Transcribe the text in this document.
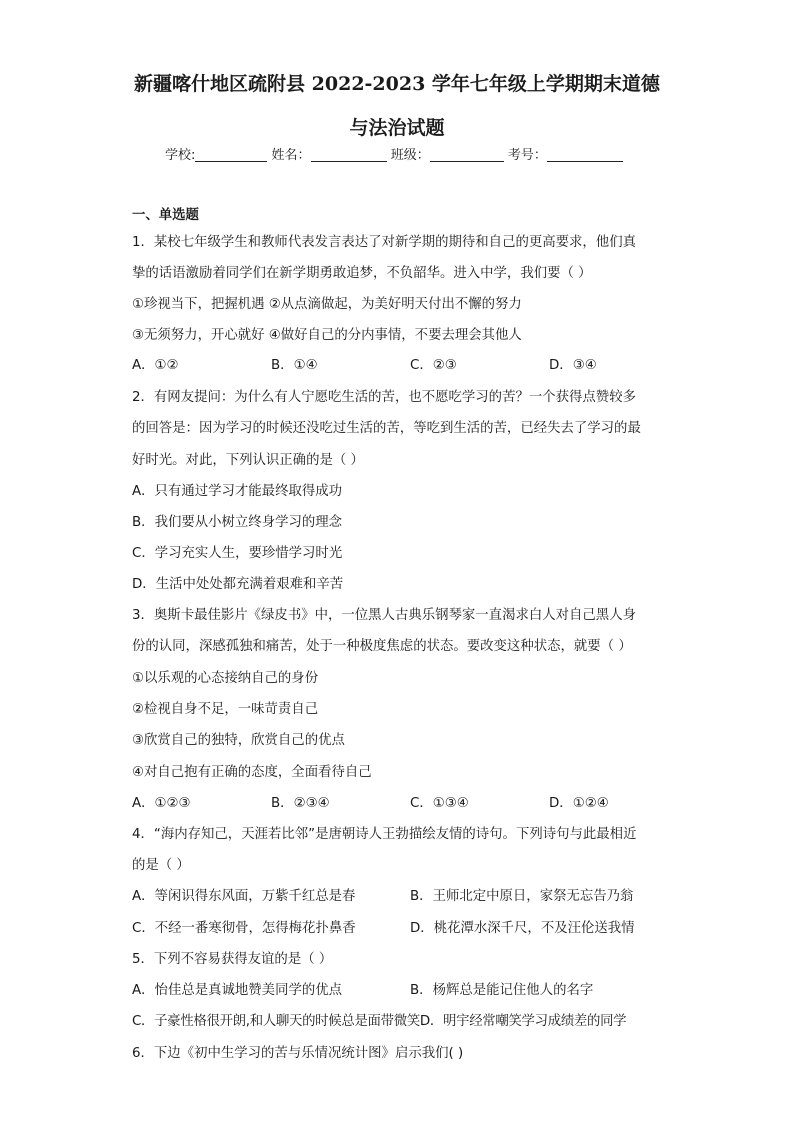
新疆喀什地区疏附县 2022-2023 学年七年级上学期期末道德
与法治试题
学校:	姓名：	班级：	考号：
一、单选题
1．某校七年级学生和教师代表发言表达了对新学期的期待和自己的更高要求，他们真
挚的话语激励着同学们在新学期勇敢追梦，不负韶华。进入中学，我们要（ ）
①珍视当下，把握机遇 ②从点滴做起，为美好明天付出不懈的努力
③无须努力，开心就好 ④做好自己的分内事情，不要去理会其他人
A．①②	B．①④	C．②③	D．③④
2．有网友提问：为什么有人宁愿吃生活的苦，也不愿吃学习的苦？一个获得点赞较多
的回答是：因为学习的时候还没吃过生活的苦，等吃到生活的苦，已经失去了学习的最
好时光。对此，下列认识正确的是（ ）
A．只有通过学习才能最终取得成功
B．我们要从小树立终身学习的理念
C．学习充实人生，要珍惜学习时光
D．生活中处处都充满着艰难和辛苦
3．奥斯卡最佳影片《绿皮书》中，一位黑人古典乐钢琴家一直渴求白人对自己黑人身
份的认同，深感孤独和痛苦，处于一种极度焦虑的状态。要改变这种状态，就要（ ）
①以乐观的心态接纳自己的身份
②检视自身不足，一味苛责自己
③欣赏自己的独特，欣赏自己的优点
④对自己抱有正确的态度，全面看待自己
A．①②③	B．②③④	C．①③④	D．①②④
4．“海内存知己，天涯若比邻”是唐朝诗人王勃描绘友情的诗句。下列诗句与此最相近
的是（ ）
A．等闲识得东风面，万紫千红总是春	B．王师北定中原日，家祭无忘告乃翁
C．不经一番寒彻骨，怎得梅花扑鼻香	D．桃花潭水深千尺，不及汪伦送我情
5．下列不容易获得友谊的是（ ）
A．怡佳总是真诚地赞美同学的优点	B．杨辉总是能记住他人的名字
C．子豪性格很开朗,和人聊天的时候总是面带微笑D．明宇经常嘲笑学习成绩差的同学
6．下边《初中生学习的苦与乐情况统计图》启示我们( )
